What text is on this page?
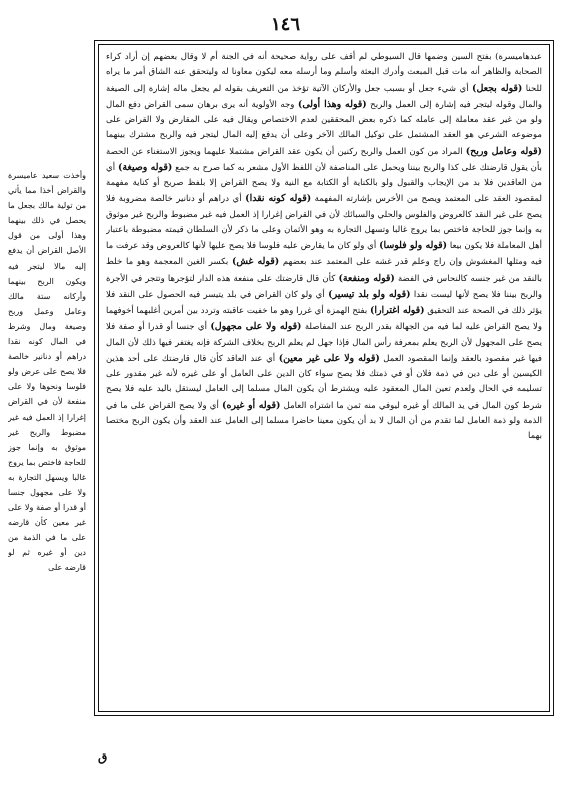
١٤٦
عبدهاميسرة) بفتح السين وضمها قال السيوطي لم أقف على رواية صحيحة أنه في الجنة أم لا وقال بعضهم إن أراد كراء الصحابة والظاهر أنه مات قبل المبعث وأدرك البعثة وأسلم وما أرسله معه ليكون معاونا له وليتحقق عنه الشاق أمر ما يراه للحنا (قوله بجعل) أي شيء جعل أو بسبب جعل والأركان الآتية تؤخذ من التعريف بقوله لم يجعل ماله إشارة إلى الصيغة والمال وقوله ليتجر فيه إشارة إلى العمل والربح (قوله وهذا أولى) وجه الأولوية أنه يرى برهان سمى القراض دفع المال ولو من غير عقد معاملة إلى عامله كما ذكره بعض المحققين لعدم الاختصاص ويقال فيه على المقارض ولا القراض على موضوعه الشرعي هو العقد المشتمل على توكيل المالك الآخر وعلى أن يدفع إليه المال ليتجر فيه والربح مشترك بينهما (قوله وعامل وربح) المراد من كون العمل والربح ركنين أن يكون عقد القراض مشتملا عليهما ويجوز الاستغناء عن الحصة بأن يقول قارضتك على كذا والربح بيننا ويحمل على المناصفة لأن اللفظ الأول مشعر به كما صرح به جمع (قوله وصيغة) أي من العاقدين فلا بد من الإيجاب والقبول ولو بالكناية أو الكتابة مع النية ولا يصح القراض إلا بلفظ صريح أو كناية مفهمة لمقصود العقد على المعتمد ويصح من الأخرس بإشارته المفهمة (قوله كونه نقدا) أي دراهم أو دنانير خالصة مضروبة فلا يصح على غير النقد كالعروض والفلوس والحلي والسبائك لأن في القراض إغرارا إذ العمل فيه غير مضبوط والربح غير موثوق به وإنما جوز للحاجة فاختص بما يروج غالبا وتسهل التجارة به وهو الأثمان وعلى ما ذكر لأن السلطان قيمته مضبوطة باعتبار أهل المعاملة فلا يكون بيعا (قوله ولو فلوسا) أي ولو كان ما يقارض عليه فلوسا فلا يصح عليها لأنها كالعروض وقد عرفت ما فيه ومثلها المغشوش وإن راج وعلم قدر غشه على المعتمد عند بعضهم (قوله غش) بكسر الغين المعجمة وهو ما خلط بالنقد من غير جنسه كالنحاس في الفضة (قوله ومنفعة) كأن قال قارضتك على منفعة هذه الدار لتؤجرها وتتجر في الأجرة والربح بيننا فلا يصح لأنها ليست نقدا (قوله ولو بلد تيسير) أي ولو كان القراض في بلد يتيسر فيه الحصول على النقد فلا يؤثر ذلك في الصحة عند التحقيق (قوله اغترارا) بفتح الهمزة أي غررا وهو ما خفيت عاقبته وتردد بين أمرين أغلبهما أخوفهما ولا يصح القراض عليه لما فيه من الجهالة بقدر الربح عند المفاصلة (قوله ولا على مجهول) أي جنسا أو قدرا أو صفة فلا يصح على المجهول لأن الربح يعلم بمعرفة رأس المال فإذا جهل لم يعلم الربح بخلاف الشركة فإنه يغتفر فيها ذلك لأن المال فيها غير مقصود بالعقد وإنما المقصود العمل (قوله ولا على غير معين) أي عند العاقد كأن قال قارضتك على أحد هذين الكيسين أو على دين في ذمة فلان أو في ذمتك فلا يصح سواء كان الدين على العامل أو على غيره لأنه غير مقدور على تسليمه في الحال ولعدم تعين المال المعقود عليه ويشترط أن يكون المال مسلما إلى العامل ليستقل باليد عليه فلا يصح شرط كون المال في يد المالك أو غيره ليوفي منه ثمن ما اشتراه العامل (قوله أو غيره) أي ولا يصح القراض على ما في الذمة ولو ذمة العامل لما تقدم من أن المال لا بد أن يكون معينا حاضرا مسلما إلى العامل عند العقد وأن يكون الربح مختصا بهما
وأخذت سعيد عاميسرة والقراض أخذا مما يأتي من تولية مالك بجعل ما يحصل في ذلك بينهما وهذا أولى من قول الأصل القراض أن يدفع إليه مالا ليتجر فيه ويكون الربح بينهما وأركانه ستة مالك وعامل وعمل وربح وصيغة ومال وشرط في المال كونه نقدا دراهم أو دنانير خالصة فلا يصح على عرض ولو فلوسا ونحوها ولا على منفعة لأن في القراض إغرارا إذ العمل فيه غير مضبوط والربح غير موثوق به وإنما جوز للحاجة فاختص بما يروج غالبا ويسهل التجارة به ولا على مجهول جنسا أو قدرا أو صفة ولا على غير معين كأن قارضه على ما في الذمة من دين أو غيره ثم لو قارضه على
ق
